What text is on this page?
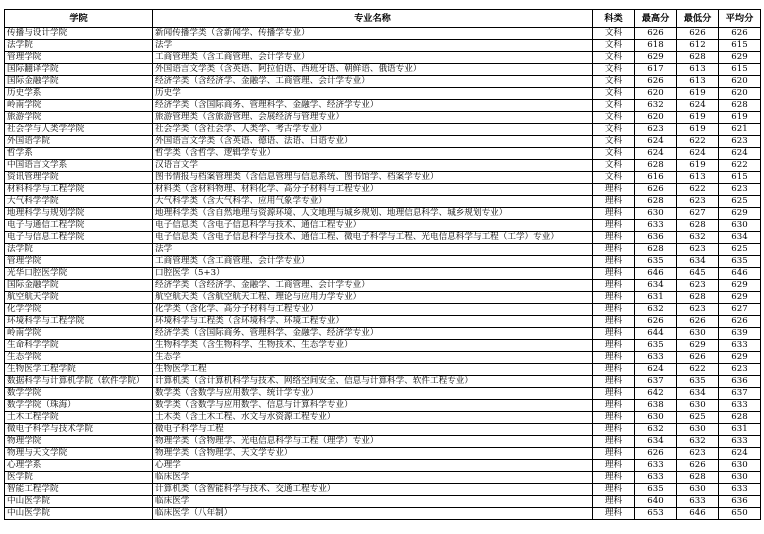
学院	专业名称	科类	最高分	最低分	平均分
传播与设计学院	新闻传播学类（含新闻学、传播学专业）	文科	626	626	626
法学院	法学	文科	618	612	615
管理学院	工商管理类（含工商管理、会计学专业）	文科	629	628	629
国际翻译学院	外国语言文学类（含英语、阿拉伯语、西班牙语、朝鲜语、俄语专业）	文科	617	613	615
国际金融学院	经济学类（含经济学、金融学、工商管理、会计学专业）	文科	626	613	620
历史学系	历史学	文科	620	619	620
岭南学院	经济学类（含国际商务、管理科学、金融学、经济学专业）	文科	632	624	628
旅游学院	旅游管理类（含旅游管理、会展经济与管理专业）	文科	620	619	619
社会学与人类学学院	社会学类（含社会学、人类学、考古学专业）	文科	623	619	621
外国语学院	外国语言文学类（含英语、德语、法语、日语专业）	文科	624	622	623
哲学系	哲学类（含哲学、逻辑学专业）	文科	624	624	624
中国语言文学系	汉语言文学	文科	628	619	622
资讯管理学院	图书情报与档案管理类（含信息管理与信息系统、图书馆学、档案学专业）	文科	616	613	615
材料科学与工程学院	材料类（含材料物理、材料化学、高分子材料与工程专业）	理科	626	622	623
大气科学学院	大气科学类（含大气科学、应用气象学专业）	理科	628	623	625
地理科学与规划学院	地理科学类（含自然地理与资源环境、人文地理与城乡规划、地理信息科学、城乡规划专业）	理科	630	627	629
电子与通信工程学院	电子信息类（含电子信息科学与技术、通信工程专业）	理科	633	628	630
电子与信息工程学院	电子信息类（含电子信息科学与技术、通信工程、微电子科学与工程、光电信息科学与工程（工学）专业）	理科	636	632	634
法学院	法学	理科	628	623	625
管理学院	工商管理类（含工商管理、会计学专业）	理科	635	634	635
光华口腔医学院	口腔医学（5+3）	理科	646	645	646
国际金融学院	经济学类（含经济学、金融学、工商管理、会计学专业）	理科	634	623	629
航空航天学院	航空航天类（含航空航天工程、理论与应用力学专业）	理科	631	628	629
化学学院	化学类（含化学、高分子材料与工程专业）	理科	632	623	627
环境科学与工程学院	环境科学与工程类（含环境科学、环境工程专业）	理科	626	626	626
岭南学院	经济学类（含国际商务、管理科学、金融学、经济学专业）	理科	644	630	639
生命科学学院	生物科学类（含生物科学、生物技术、生态学专业）	理科	635	629	633
生态学院	生态学	理科	633	626	629
生物医学工程学院	生物医学工程	理科	624	622	623
数据科学与计算机学院（软件学院）	计算机类（含计算机科学与技术、网络空间安全、信息与计算科学、软件工程专业）	理科	637	635	636
数学学院	数学类（含数学与应用数学、统计学专业）	理科	642	634	637
数学学院（珠海）	数学类（含数学与应用数学、信息与计算科学专业）	理科	638	630	633
土木工程学院	土木类（含土木工程、水文与水资源工程专业）	理科	630	625	628
微电子科学与技术学院	微电子科学与工程	理科	632	630	631
物理学院	物理学类（含物理学、光电信息科学与工程（理学）专业）	理科	634	632	633
物理与天文学院	物理学类（含物理学、天文学专业）	理科	626	623	624
心理学系	心理学	理科	633	626	630
医学院	临床医学	理科	633	628	630
智能工程学院	计算机类（含智能科学与技术、交通工程专业）	理科	635	630	633
中山医学院	临床医学	理科	640	633	636
中山医学院	临床医学（八年制）	理科	653	646	650
